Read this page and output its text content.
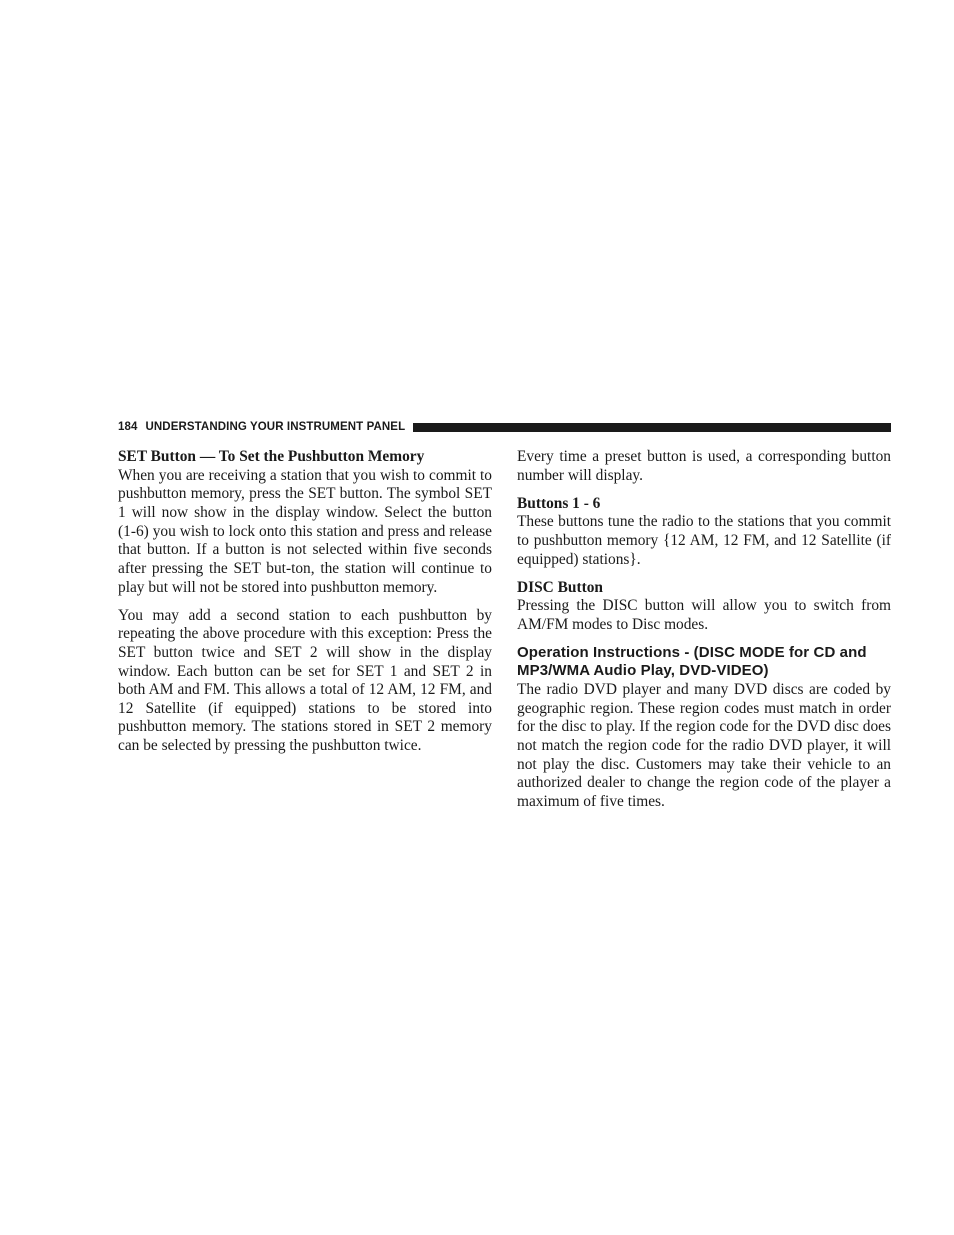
184 UNDERSTANDING YOUR INSTRUMENT PANEL
SET Button — To Set the Pushbutton Memory

When you are receiving a station that you wish to commit to pushbutton memory, press the SET button. The symbol SET 1 will now show in the display window. Select the button (1-6) you wish to lock onto this station and press and release that button. If a button is not selected within five seconds after pressing the SET but-ton, the station will continue to play but will not be stored into pushbutton memory.

You may add a second station to each pushbutton by repeating the above procedure with this exception: Press the SET button twice and SET 2 will show in the display window. Each button can be set for SET 1 and SET 2 in both AM and FM. This allows a total of 12 AM, 12 FM, and 12 Satellite (if equipped) stations to be stored into pushbutton memory. The stations stored in SET 2 memory can be selected by pressing the pushbutton twice.

Every time a preset button is used, a corresponding button number will display.

Buttons 1 - 6

These buttons tune the radio to the stations that you commit to pushbutton memory {12 AM, 12 FM, and 12 Satellite (if equipped) stations}.

DISC Button

Pressing the DISC button will allow you to switch from AM/FM modes to Disc modes.

Operation Instructions - (DISC MODE for CD and MP3/WMA Audio Play, DVD-VIDEO)

The radio DVD player and many DVD discs are coded by geographic region. These region codes must match in order for the disc to play. If the region code for the DVD disc does not match the region code for the radio DVD player, it will not play the disc. Customers may take their vehicle to an authorized dealer to change the region code of the player a maximum of five times.
